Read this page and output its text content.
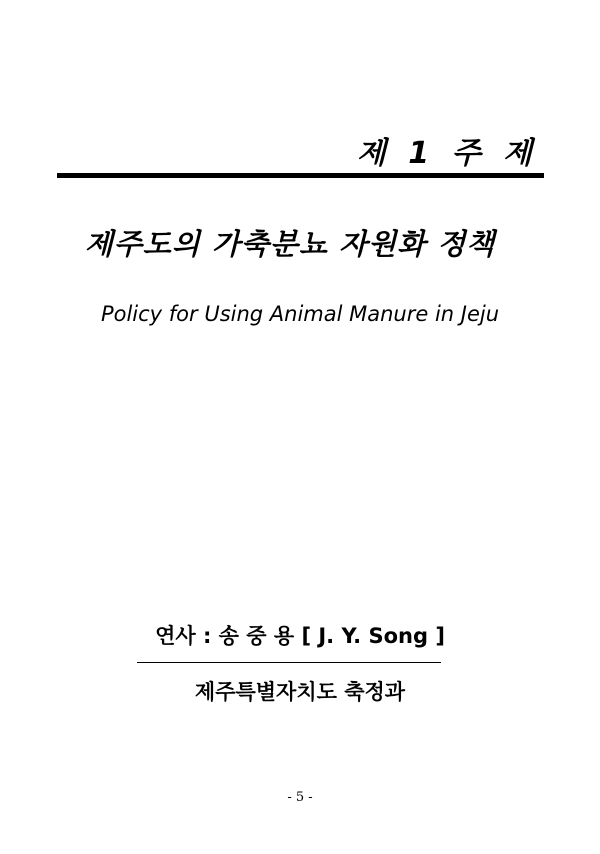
제 1 주 제
제주도의 가축분뇨 자원화 정책
Policy for Using Animal Manure in Jeju
연사 : 송 중 용 [ J. Y. Song ]
제주특별자치도 축정과
- 5 -
